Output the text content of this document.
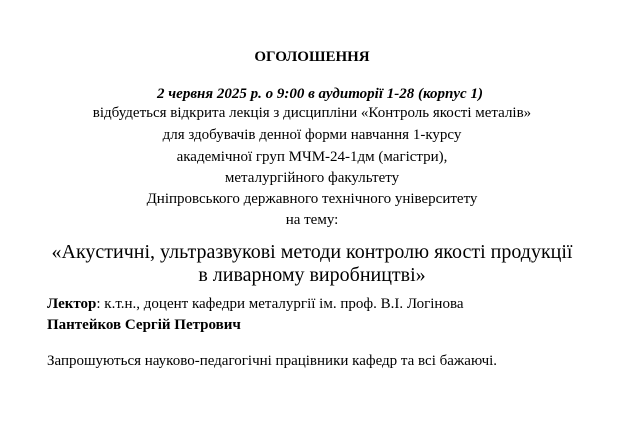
ОГОЛОШЕННЯ
2 червня 2025 р. о 9:00 в аудиторії 1-28 (корпус 1)
відбудеться відкрита лекція з дисципліни «Контроль якості металів»
для здобувачів денної форми навчання 1-курсу
академічної груп МЧМ-24-1дм (магістри),
металургійного факультету
Дніпровського державного технічного університету
на тему:
«Акустичні, ультразвукові методи контролю якості продукції
в ливарному виробництві»
Лектор: к.т.н., доцент кафедри металургії ім. проф. В.І. Логінова
Пантейков Сергій Петрович
Запрошуються науково-педагогічні працівники кафедр та всі бажаючі.
